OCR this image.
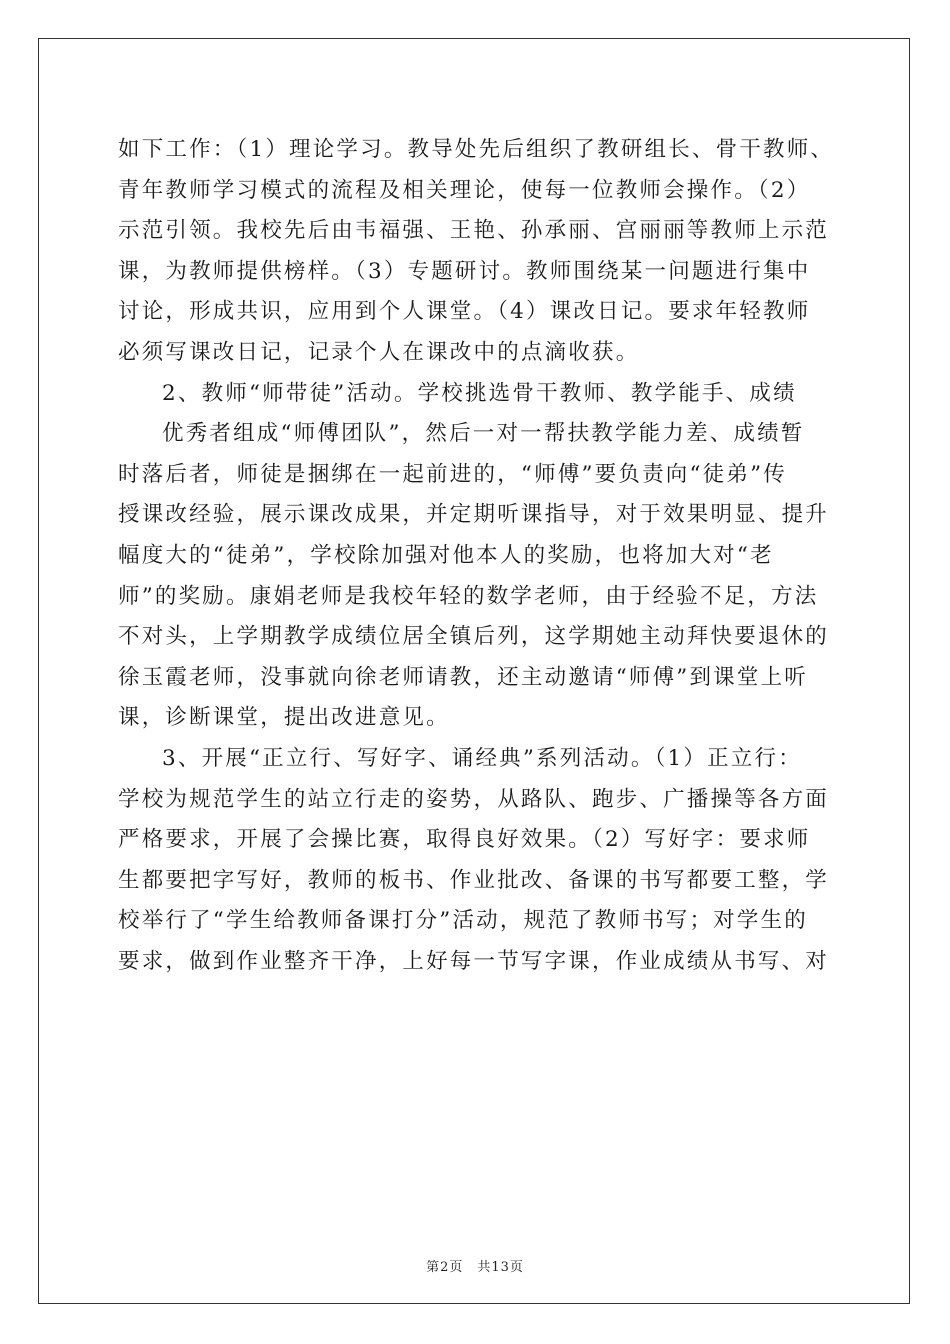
如下工作：（1）理论学习。教导处先后组织了教研组长、骨干教师、
青年教师学习模式的流程及相关理论，使每一位教师会操作。（2）
示范引领。我校先后由韦福强、王艳、孙承丽、宫丽丽等教师上示范
课，为教师提供榜样。（3）专题研讨。教师围绕某一问题进行集中
讨论，形成共识，应用到个人课堂。（4）课改日记。要求年轻教师
必须写课改日记，记录个人在课改中的点滴收获。
2、教师“师带徒”活动。学校挑选骨干教师、教学能手、成绩
优秀者组成“师傅团队”，然后一对一帮扶教学能力差、成绩暂
时落后者，师徒是捆绑在一起前进的，“师傅”要负责向“徒弟”传
授课改经验，展示课改成果，并定期听课指导，对于效果明显、提升
幅度大的“徒弟”，学校除加强对他本人的奖励，也将加大对“老
师”的奖励。康娟老师是我校年轻的数学老师，由于经验不足，方法
不对头，上学期教学成绩位居全镇后列，这学期她主动拜快要退休的
徐玉霞老师，没事就向徐老师请教，还主动邀请“师傅”到课堂上听
课，诊断课堂，提出改进意见。
3、开展“正立行、写好字、诵经典”系列活动。（1）正立行：
学校为规范学生的站立行走的姿势，从路队、跑步、广播操等各方面
严格要求，开展了会操比赛，取得良好效果。（2）写好字：要求师
生都要把字写好，教师的板书、作业批改、备课的书写都要工整，学
校举行了“学生给教师备课打分”活动，规范了教师书写；对学生的
要求，做到作业整齐干净，上好每一节写字课，作业成绩从书写、对
第2页 共13页
